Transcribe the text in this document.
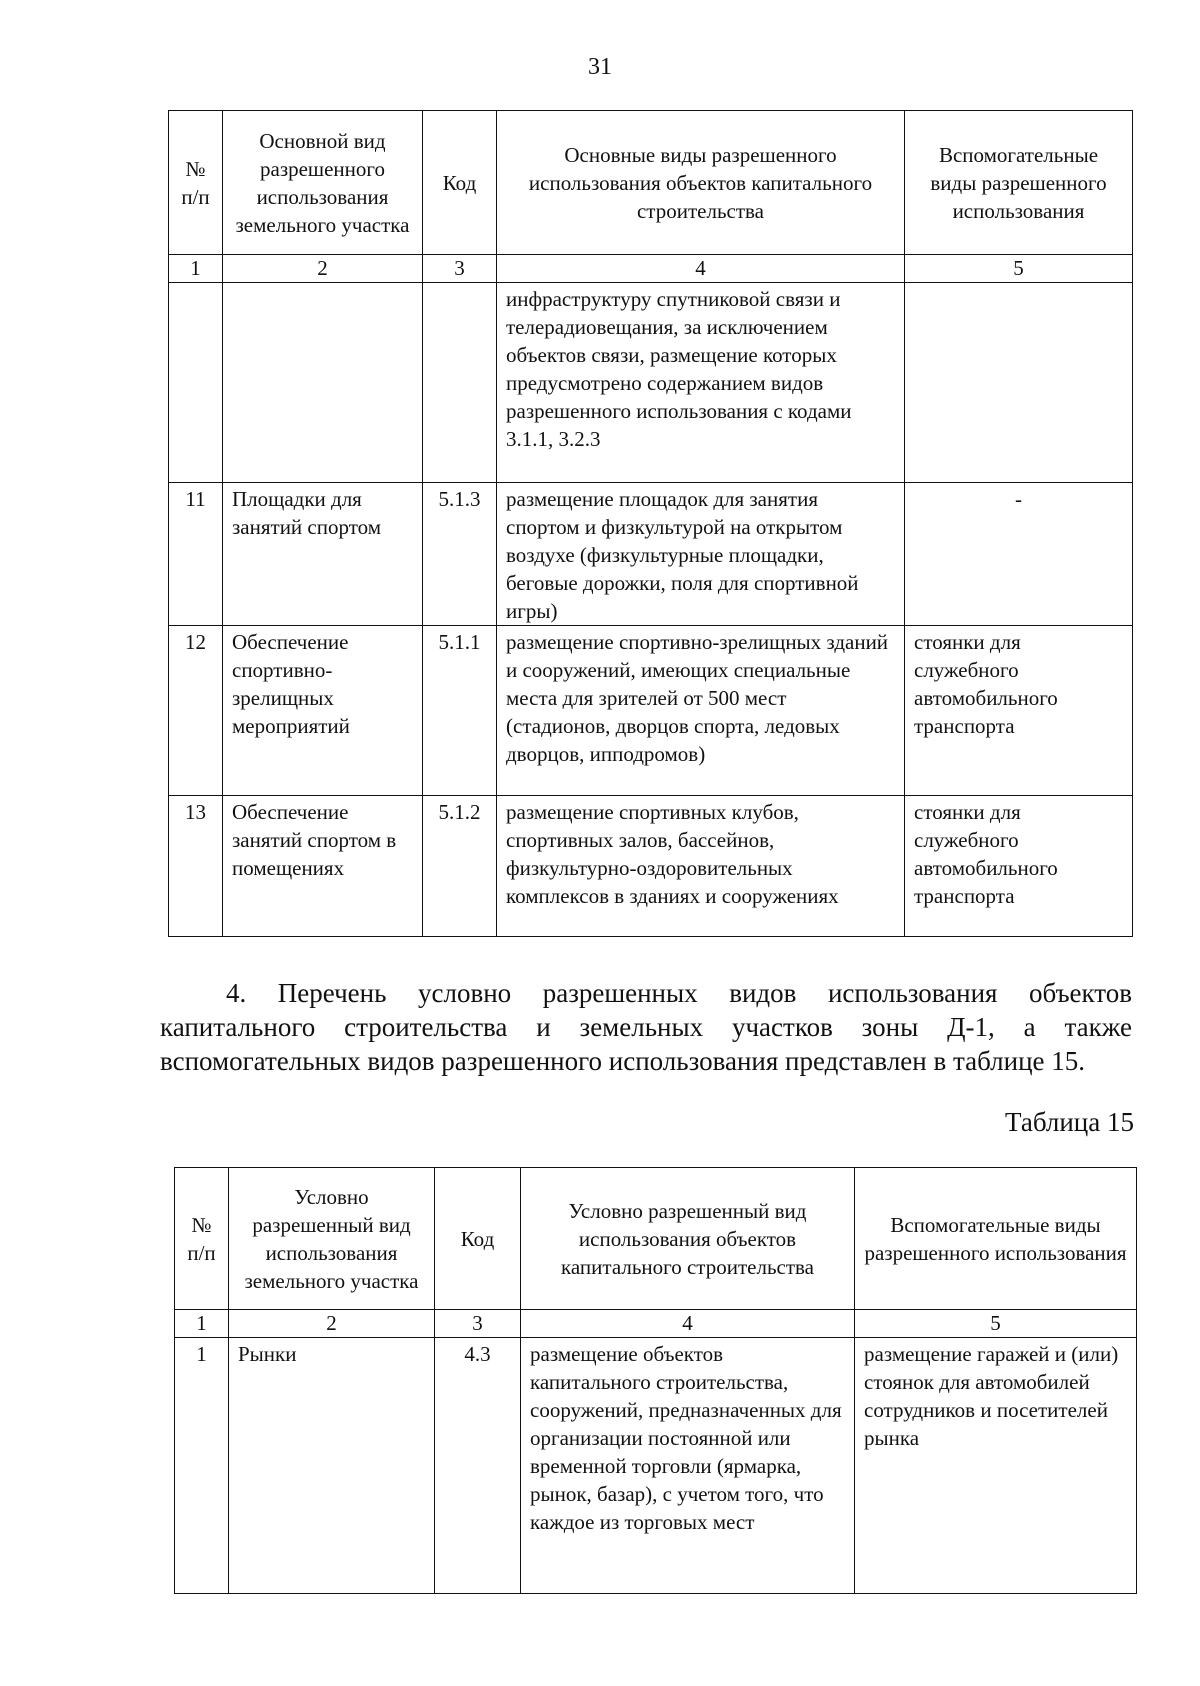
31
№ п/п	Основной вид разрешенного использования земельного участка	Код	Основные виды разрешенного использования объектов капитального строительства	Вспомогательные виды разрешенного использования
1	2	3	4	5
			инфраструктуру спутниковой связи и телерадиовещания, за исключением объектов связи, размещение которых предусмотрено содержанием видов разрешенного использования с кодами 3.1.1, 3.2.3	
11	Площадки для занятий спортом	5.1.3	размещение площадок для занятия спортом и физкультурой на открытом воздухе (физкультурные площадки, беговые дорожки, поля для спортивной игры)	-
12	Обеспечение спортивно-зрелищных мероприятий	5.1.1	размещение спортивно-зрелищных зданий и сооружений, имеющих специальные места для зрителей от 500 мест (стадионов, дворцов спорта, ледовых дворцов, ипподромов)	стоянки для служебного автомобильного транспорта
13	Обеспечение занятий спортом в помещениях	5.1.2	размещение спортивных клубов, спортивных залов, бассейнов, физкультурно-оздоровительных комплексов в зданиях и сооружениях	стоянки для служебного автомобильного транспорта

4. Перечень условно разрешенных видов использования объектов капитального строительства и земельных участков зоны Д-1, а также вспомогательных видов разрешенного использования представлен в таблице 15.

Таблица 15
№ п/п	Условно разрешенный вид использования земельного участка	Код	Условно разрешенный вид использования объектов капитального строительства	Вспомогательные виды разрешенного использования
1	2	3	4	5
1	Рынки	4.3	размещение объектов капитального строительства, сооружений, предназначенных для организации постоянной или временной торговли (ярмарка, рынок, базар), с учетом того, что каждое из торговых мест	размещение гаражей и (или) стоянок для автомобилей сотрудников и посетителей рынка
